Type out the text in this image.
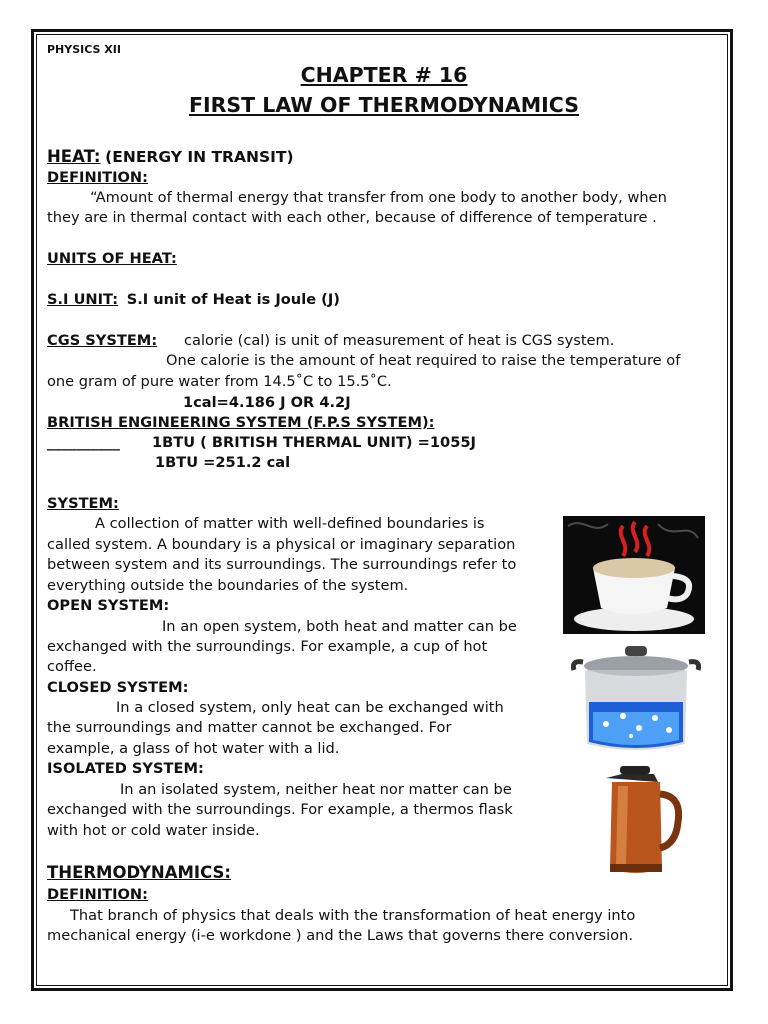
PHYSICS XII
CHAPTER # 16
FIRST LAW OF THERMODYNAMICS
HEAT: (ENERGY IN TRANSIT)
DEFINITION:
“Amount of thermal energy that transfer from one body to another body, when
they are in thermal contact with each other, because of difference of temperature .
UNITS OF HEAT:
S.I UNIT: S.I unit of Heat is Joule (J)
CGS SYSTEM: calorie (cal) is unit of measurement of heat is CGS system.
One calorie is the amount of heat required to raise the temperature of
one gram of pure water from 14.5˚C to 15.5˚C.
1cal=4.186 J OR 4.2J
BRITISH ENGINEERING SYSTEM (F.P.S SYSTEM):
__________ 1BTU ( BRITISH THERMAL UNIT) =1055J
1BTU =251.2 cal
SYSTEM:
A collection of matter with well-defined boundaries is
called system. A boundary is a physical or imaginary separation
between system and its surroundings. The surroundings refer to
everything outside the boundaries of the system.
OPEN SYSTEM:
In an open system, both heat and matter can be
exchanged with the surroundings. For example, a cup of hot
coffee.
CLOSED SYSTEM:
In a closed system, only heat can be exchanged with
the surroundings and matter cannot be exchanged. For
example, a glass of hot water with a lid.
ISOLATED SYSTEM:
In an isolated system, neither heat nor matter can be
exchanged with the surroundings. For example, a thermos flask
with hot or cold water inside.
THERMODYNAMICS:
DEFINITION:
That branch of physics that deals with the transformation of heat energy into
mechanical energy (i-e workdone ) and the Laws that governs there conversion.
